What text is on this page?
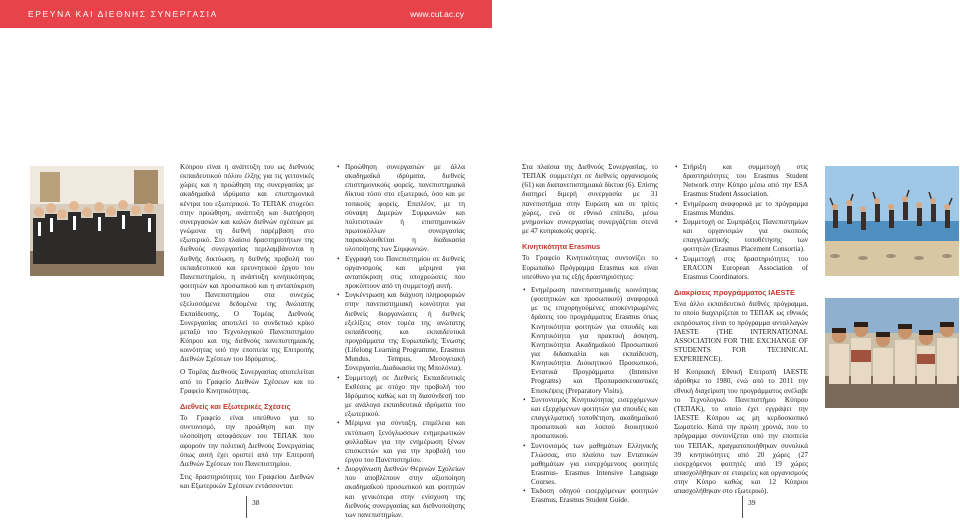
ΕΡΕΥΝΑ ΚΑΙ ΔΙΕΘΝΗΣ ΣΥΝΕΡΓΑΣΙΑ	www.cut.ac.cy

Κύπρου είναι η ανάπτυξη του ως διεθνούς εκπαιδευτικού πόλου έλξης για τις γειτονικές χώρες και η προώθηση της συνεργασίας με ακαδημαϊκά ιδρύματα και επιστημονικά κέντρα του εξωτερικού. Το ΤΕΠΑΚ στοχεύει στην προώθηση, ανάπτυξη και διατήρηση συνεργασιών και καλών διεθνών σχέσεων με γνώμονα τη διεθνή παρέμβαση στο εξωτερικό. Στο πλαίσιο δραστηριοτήτων της διεθνούς συνεργασίας περιλαμβάνονται η διεθνής δικτύωση, η διεθνής προβολή του εκπαιδευτικού και ερευνητικού έργου του Πανεπιστημίου, η ανάπτυξη κινητικότητας φοιτητών και προσωπικού και η ανταπόκριση του Πανεπιστημίου στα συνεχώς εξελισσόμενα δεδομένα της Ανώτατης Εκπαίδευσης. Ο Τομέας Διεθνούς Συνεργασίας αποτελεί το συνδετικό κρίκο μεταξύ του Τεχνολογικού Πανεπιστημίου Κύπρου και της διεθνούς πανεπιστημιακής κοινότητας υπό την εποπτεία της Επιτροπής Διεθνών Σχέσεων του Ιδρύματος.

Ο Τομέας Διεθνούς Συνεργασίας αποτελείται από το Γραφείο Διεθνών Σχέσεων και το Γραφείο Κινητικότητας.

Διεθνείς και Εξωτερικές Σχέσεις

Το Γραφείο είναι υπεύθυνο για το συντονισμό, την προώθηση και την υλοποίηση αποφάσεων του ΤΕΠΑΚ που αφορούν την πολιτική Διεθνούς Συνεργασίας όπως αυτή έχει οριστεί από την Επιτροπή Διεθνών Σχέσεων του Πανεπιστημίου.

Στις δραστηριότητες του Γραφείου Διεθνών και Εξωτερικών Σχέσεων εντάσσονται:

• Προώθηση συνεργασιών με άλλα ακαδημαϊκά ιδρύματα, διεθνείς επιστημονικούς φορείς, πανεπιστημιακά δίκτυα τόσο στο εξωτερικό, όσο και με τοπικούς φορείς. Επιπλέον, με τη σύναψη Διμερών Συμφωνιών και πολιτιστικών ή επιστημονικών πρωτοκόλλων συνεργασίας παρακολουθείται η διαδικασία υλοποίησης των Συμφωνιών.
• Εγγραφή του Πανεπιστημίου σε διεθνείς οργανισμούς και μέριμνα για ανταπόκριση στις υποχρεώσεις που προκύπτουν από τη συμμετοχή αυτή.
• Συγκέντρωση και διάχυση πληροφοριών στην πανεπιστημιακή κοινότητα για διεθνείς διοργανώσεις ή διεθνείς εξελίξεις στον τομέα της ανώτατης εκπαίδευσης και εκπαιδευτικά προγράμματα της Ευρωπαϊκής Ένωσης (Lifelong Learning Programme, Erasmus Mundus, Tempus, Μεσογειακή Συνεργασία, Διαδικασία της Μπολόνια).
• Συμμετοχή σε Διεθνείς Εκπαιδευτικές Εκθέσεις με στόχο την προβολή του Ιδρύματος καθώς και τη διασύνδεσή του με ανάλογα εκπαιδευτικά ιδρύματα του εξωτερικού.
• Μέριμνα για σύνταξη, επιμέλεια και εκτύπωση ξενόγλωσσων ενημερωτικών φυλλαδίων για την ενημέρωση ξένων επισκεπτών και για την προβολή του έργου του Πανεπιστημίου.
• Διοργάνωση Διεθνών Θερινών Σχολείων που αποβλέπουν στην αξιοποίηση ακαδημαϊκού προσωπικού και φοιτητών και γενικότερα στην ενίσχυση της διεθνούς συνεργασίας και διεθνοποίησης των πανεπιστημίων.
38

Στα πλαίσια της Διεθνούς Συνεργασίας, το ΤΕΠΑΚ συμμετέχει σε διεθνείς οργανισμούς (61) και διαπανεπιστημιακά δίκτυα (6). Επίσης διατηρεί διμερή συνεργασία με 31 πανεπιστήμια στην Ευρώπη και σε τρίτες χώρες, ενώ σε εθνικό επίπεδο, μέσω μνημονίων συνεργασίας συνεργάζεται στενά με 47 κυπριακούς φορείς.

Κινητικότητα Erasmus

Το Γραφείο Κινητικότητας συντονίζει το Ευρωπαϊκό Πρόγραμμα Erasmus και είναι υπεύθυνο για τις εξής δραστηριότητες:

• Ενημέρωση πανεπιστημιακής κοινότητας (φοιτητικών και προσωπικού) αναφορικά με τις επιχορηγούμενες αποκεντρωμένες δράσεις του προγράμματος Erasmus όπως Κινητικότητα φοιτητών για σπουδές και Κινητικότητα για πρακτική άσκηση, Κινητικότητα Ακαδημαϊκού Προσωπικού για διδασκαλία και εκπαίδευση, Κινητικότητα Διοικητικού Προσωπικού, Εντατικά Προγράμματα (Intensive Programs) και Προπαρασκευαστικές Επισκέψεις (Preparatory Visits).
• Συντονισμός Κινητικότητας εισερχόμενων και εξερχόμενων φοιτητών για σπουδές και επαγγελματική τοποθέτηση, ακαδημαϊκού προσωπικού και λοιπού διοικητικού προσωπικού.
• Συντονισμός των μαθημάτων Ελληνικής Γλώσσας, στο πλαίσιο των Εντατικών μαθημάτων για εισερχόμενους φοιτητές Erasmus- Erasmus Intensive Language Courses.
• Έκδοση οδηγού εισερχόμενων φοιτητών Erasmus, Erasmus Student Guide.
• Στήριξη και συμμετοχή στις δραστηριότητες του Erasmus Student Network στην Κύπρο μέσω από την ESA Erasmus Student Association.
• Ενημέρωση αναφορικά με το πρόγραμμα Erasmus Mundus.
• Συμμετοχή σε Συμπράξεις Πανεπιστημίων και οργανισμών για σκοπούς επαγγελματικής τοποθέτησης των φοιτητών (Erasmus Placement Consortia).
• Συμμετοχή στις δραστηριότητες του ERACON European Association of Erasmus Coordinators.
Διακρίσεις προγράμματος IAESTE

Ένα άλλο εκπαιδευτικό διεθνές πρόγραμμα, το οποίο διαχειρίζεται το ΤΕΠΑΚ ως εθνικός εκπρόσωπος είναι το πρόγραμμα ανταλλαγών IAESTE (THE INTERNATIONAL ASSOCIATION FOR THE EXCHANGE OF STUDENTS FOR TECHNICAL EXPERIENCE).

Η Κυπριακή Εθνική Επιτροπή IAESTE ιδρύθηκε το 1980, ενώ από το 2011 την εθνική διαχείριση του προγράμματος ανέλαβε το Τεχνολογικό Πανεπιστήμιο Κύπρου (ΤΕΠΑΚ), το οποίο έχει εγγράψει την IAESTE Κύπρου ως μη κερδοσκοπικό Σωματείο. Κατά την πρώτη χρονιά, που το πρόγραμμα συντονίζεται υπό την εποπτεία του ΤΕΠΑΚ, πραγματοποιήθηκαν συνολικά 39 κινητικότητες από 20 χώρες (27 εισερχόμενοι φοιτητές από 19 χώρες απασχολήθηκαν σε εταιρείες και οργανισμούς στην Κύπρο καθώς και 12 Κύπριοι απασχολήθηκαν στο εξωτερικό).

39
